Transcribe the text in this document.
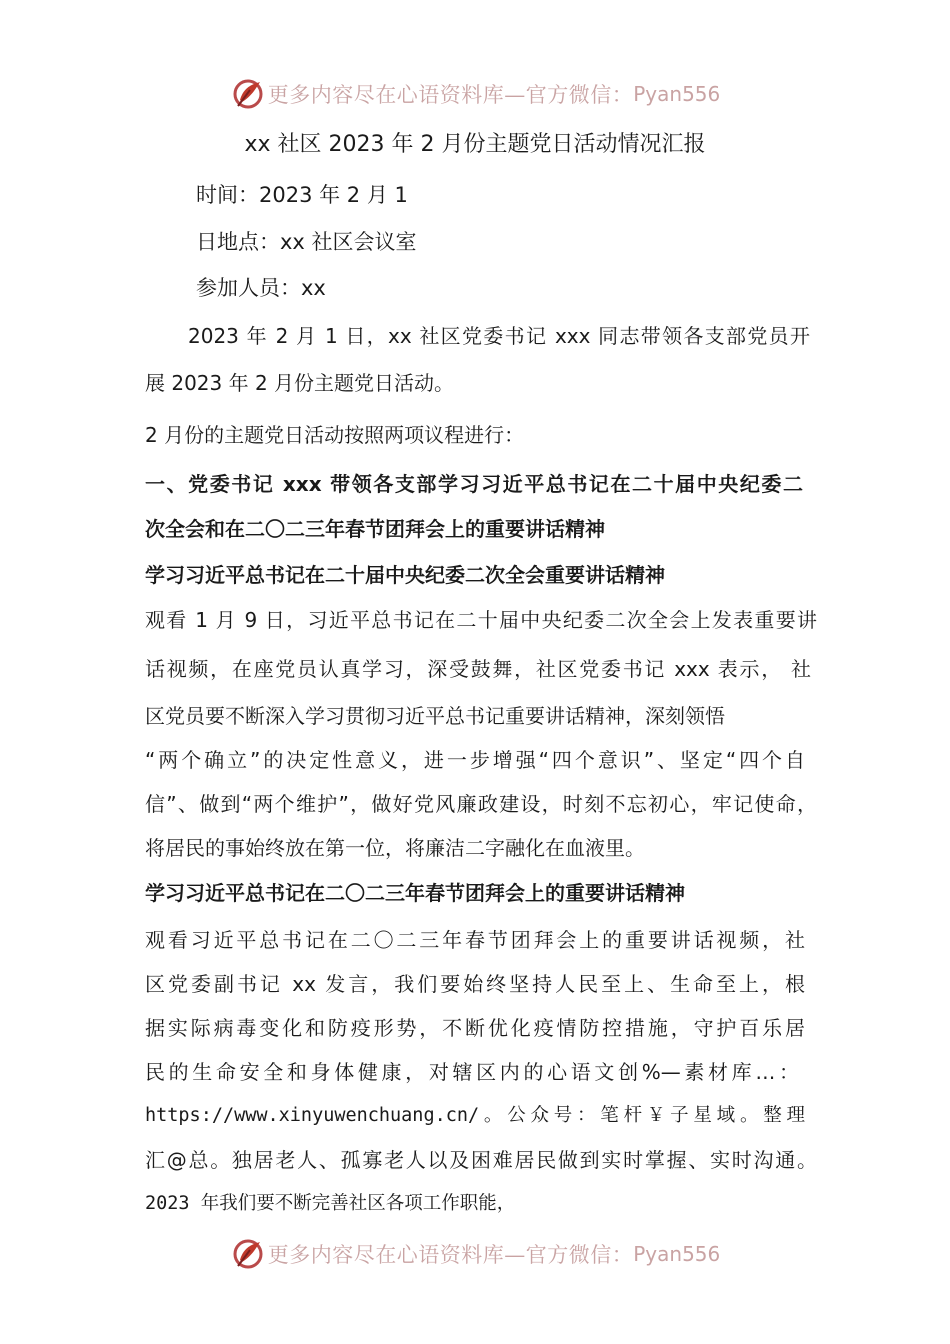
更多内容尽在心语资料库—官方微信： Pyan556
xx 社区 2023 年 2 月份主题党日活动情况汇报
时间：2023 年 2 月 1
日地点：xx 社区会议室
参加人员：xx
2023 年 2 月 1 日，xx 社区党委书记 xxx 同志带领各支部党员开
展 2023 年 2 月份主题党日活动。
2 月份的主题党日活动按照两项议程进行：
一、党委书记 xxx 带领各支部学习习近平总书记在二十届中央纪委二
次全会和在二〇二三年春节团拜会上的重要讲话精神
学习习近平总书记在二十届中央纪委二次全会重要讲话精神
观看 1 月 9 日，习近平总书记在二十届中央纪委二次全会上发表重要讲
话视频，在座党员认真学习，深受鼓舞，社区党委书记 xxx 表示， 社
区党员要不断深入学习贯彻习近平总书记重要讲话精神，深刻领悟
“两个确立”的决定性意义，进一步增强“四个意识”、坚定“四个自
信”、做到“两个维护”，做好党风廉政建设，时刻不忘初心，牢记使命，
将居民的事始终放在第一位，将廉洁二字融化在血液里。
学习习近平总书记在二〇二三年春节团拜会上的重要讲话精神
观看习近平总书记在二〇二三年春节团拜会上的重要讲话视频，社
区党委副书记 xx 发言，我们要始终坚持人民至上、生命至上，根
据实际病毒变化和防疫形势，不断优化疫情防控措施，守护百乐居
民的生命安全和身体健康，对辖区内的心语文创%—素材库…：
https://www.xinyuwenchuang.cn/。公众号：笔杆￥子星域。整理
汇@总。独居老人、孤寡老人以及困难居民做到实时掌握、实时沟通。
2023 年我们要不断完善社区各项工作职能，
更多内容尽在心语资料库—官方微信： Pyan556
